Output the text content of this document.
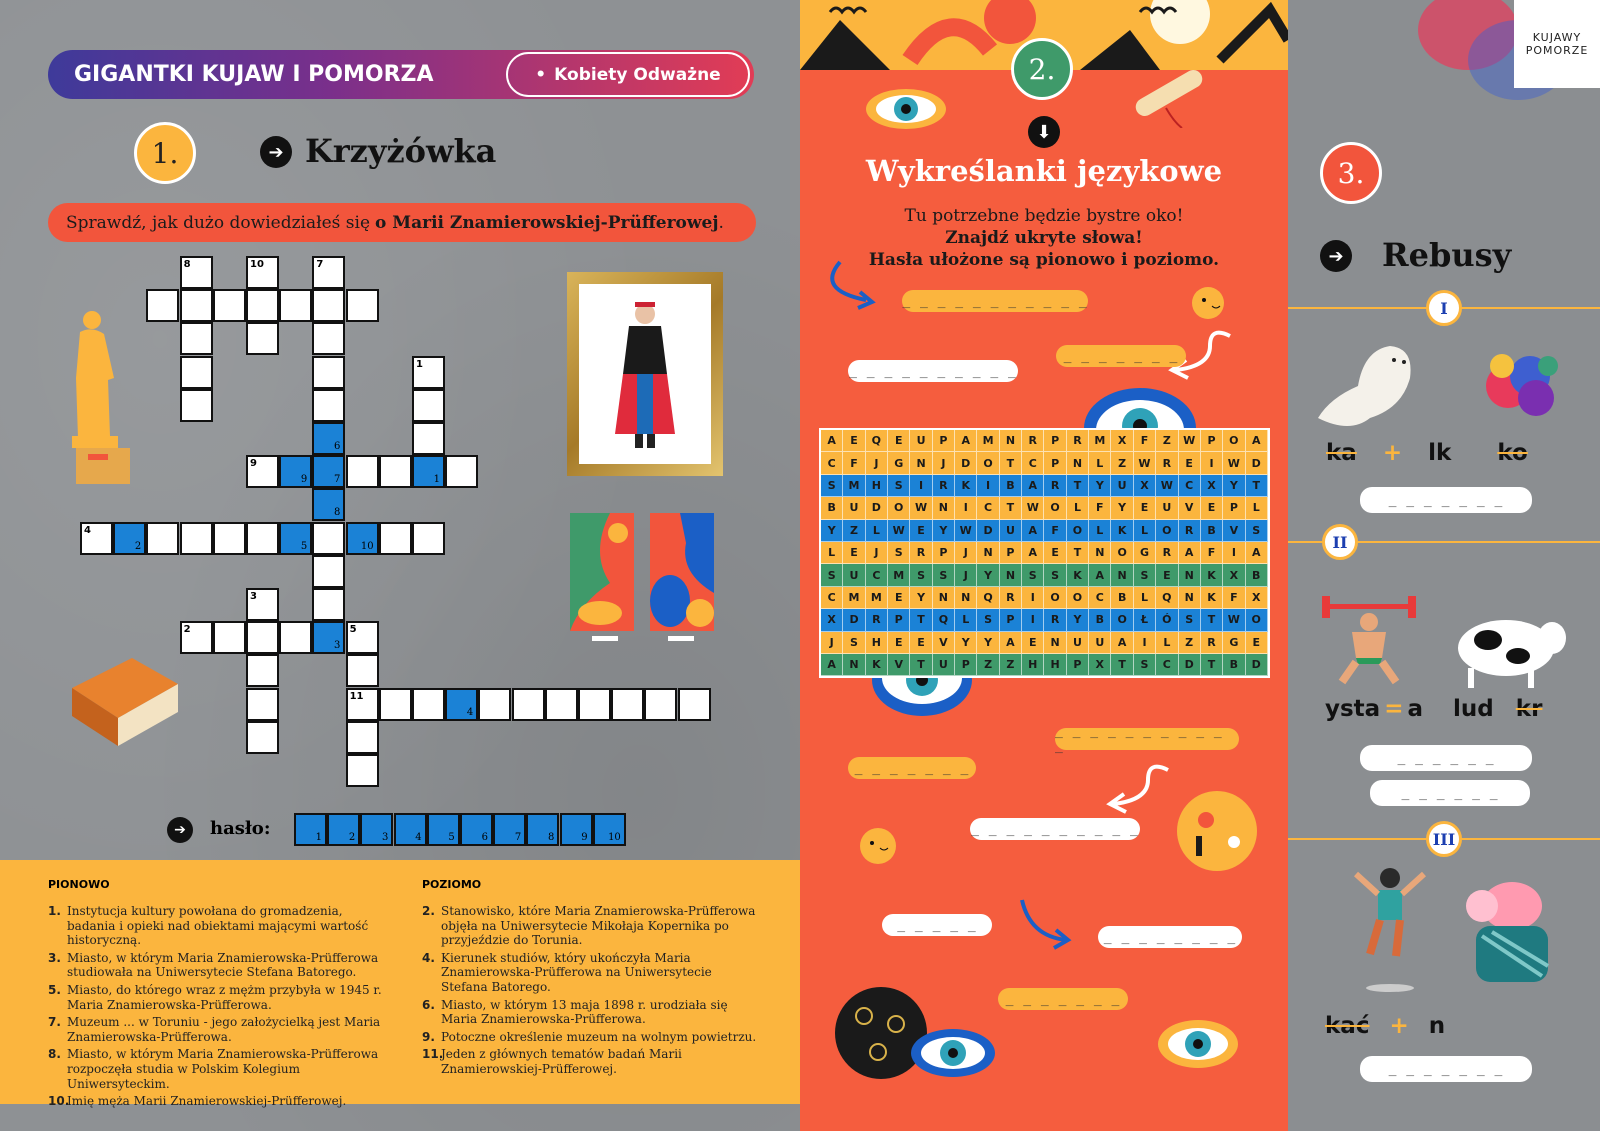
GIGANTKI KUJAW I POMORZA	• Kobiety Odważne
1.	➔ Krzyżówka
Sprawdź, jak dużo dowiedziałeś się o Marii Znamierowskiej-Prüfferowej .
8	10	7
6
7
3
1
1
9
9
8
4
2	5	10
3
2	5
11
4
➔	hasło:	1	2	3	4	5	6	7	8	9 10
PIONOWO
1. Instytucja kultury powołana do gromadzenia, badania i opieki nad obiektami mającymi wartość historyczną.
3. Miasto, w którym Maria Znamierowska-Prüfferowa studiowała na Uniwersytecie Stefana Batorego.
5. Miasto, do którego wraz z mężm przybyła w 1945 r. Maria Znamierowska-Prüfferowa.
7. Muzeum ... w Toruniu - jego założycielką jest Maria Znamierowska-Prüfferowa.
8. Miasto, w którym Maria Znamierowska-Prüfferowa rozpoczęła studia w Polskim Kolegium Uniwersyteckim.
10.
Imię męża Marii Znamierowskiej-Prüfferowej.
POZIOMO
2. Stanowisko, które Maria Znamierowska-Prüfferowa objęła na Uniwersytecie Mikołaja Kopernika po przyjeździe do Torunia.
4. Kierunek studiów, który ukończyła Maria Znamierowska-Prüfferowa na Uniwersytecie Stefana Batorego.
6. Miasto, w którym 13 maja 1898 r. urodziała się Maria Znamierowska-Prüfferowa.
9. Potoczne określenie muzeum na wolnym powietrzu.
11.
Jeden z głównych tematów badań Marii Znamierowskiej-Prüfferowej.
2.
⬇
Wykreślanki językowe
Tu potrzebne będzie bystre oko!
Znajdź ukryte słowa!
Hasła ułożone są pionowo i poziomo.
_ _ _ _ _ _ _ _ _ _ _
_ _ _ _ _ _ _ _ _ _
_ _ _ _ _ _ _
_ _ _ _ _ _ _ _ _ _ _
_ _ _ _ _ _ _
_ _ _ _ _ _ _ _ _ _
_ _ _ _ _
_ _ _ _ _ _ _ _
_ _ _ _ _ _ _
A	E	Q	E	U	P	A	M	N	R	P	R	M	X	F	Z	W	P	O	A
C	F	J	G	N	J	D	O	T	C	P	N	L	Z	W	R	E	I	W	D
S	M	H	S	I	R	K	I	B	A	R	T	Y	U	X	W	C	X	Y	T
B	U	D	O	W	N	I	C	T	W	O	L	F	Y	E	U	V	E	P	L
Y	Z	L	W	E	Y	W	D	U	A	F	O	L	K	L	O	R	B	V	S
L	E	J	S	R	P	J	N	P	A	E	T	N	O	G	R	A	F	I	A
S	U	C	M	S	S	J	Y	N	S	S	K	A	N	S	E	N	K	X	B
C	M	M	E	Y	N	N	Q	R	I	O	O	C	B	L	Q	N	K	F	X
X	D	R	P	T	Q	L	S	P	I	R	Y	B	O	Ł	Ó	S	T	W	O
J	S	H	E	E	V	Y	Y	A	E	N	U	U	A	I	L	Z	R	G	E
A	N	K	V	T	U	P	Z	Z	H	H	P	X	T	S	C	D	T	B	D
KUJAWY
POMORZE
3.
➔ Rebusy
I
ka + lk ko
_ _ _ _ _ _ _
II
ysta = a lud kr
_ _ _ _ _ _
_ _ _ _ _ _
III
kać + n
_ _ _ _ _ _ _
